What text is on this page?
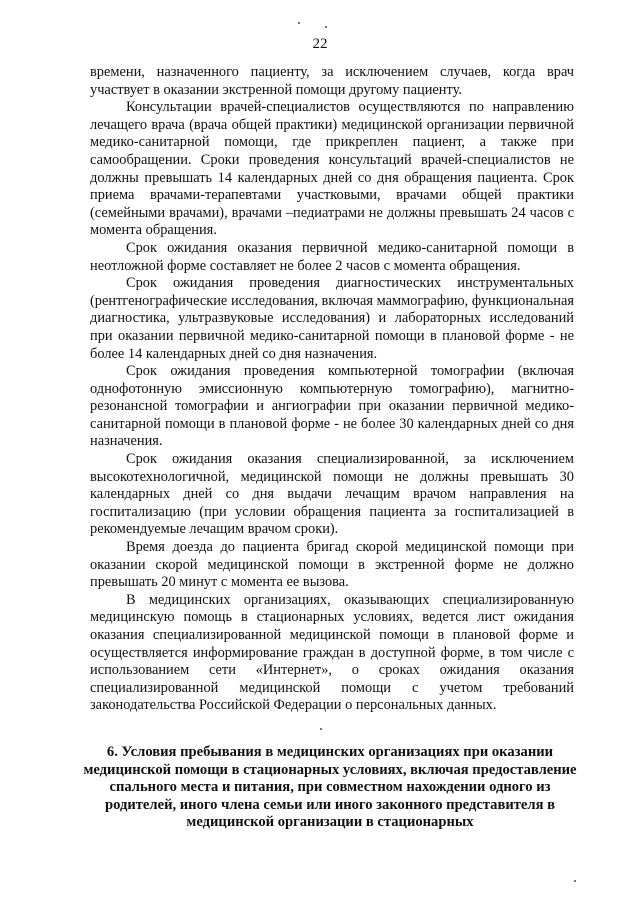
22

времени, назначенного пациенту, за исключением случаев, когда врач участвует в оказании экстренной помощи другому пациенту.

Консультации врачей-специалистов осуществляются по направлению лечащего врача (врача общей практики) медицинской организации первичной медико-санитарной помощи, где прикреплен пациент, а также при самообращении. Сроки проведения консультаций врачей-специалистов не должны превышать 14 календарных дней со дня обращения пациента. Срок приема врачами-терапевтами участковыми, врачами общей практики (семейными врачами), врачами –педиатрами не должны превышать 24 часов с момента обращения.

Срок ожидания оказания первичной медико-санитарной помощи в неотложной форме составляет не более 2 часов с момента обращения.

Срок ожидания проведения диагностических инструментальных (рентгенографические исследования, включая маммографию, функциональная диагностика, ультразвуковые исследования) и лабораторных исследований при оказании первичной медико-санитарной помощи в плановой форме - не более 14 календарных дней со дня назначения.

Срок ожидания проведения компьютерной томографии (включая однофотонную эмиссионную компьютерную томографию), магнитно-резонансной томографии и ангиографии при оказании первичной медико-санитарной помощи в плановой форме - не более 30 календарных дней со дня назначения.

Срок ожидания оказания специализированной, за исключением высокотехнологичной, медицинской помощи не должны превышать 30 календарных дней со дня выдачи лечащим врачом направления на госпитализацию (при условии обращения пациента за госпитализацией в рекомендуемые лечащим врачом сроки).

Время доезда до пациента бригад скорой медицинской помощи при оказании скорой медицинской помощи в экстренной форме не должно превышать 20 минут с момента ее вызова.

В медицинских организациях, оказывающих специализированную медицинскую помощь в стационарных условиях, ведется лист ожидания оказания специализированной медицинской помощи в плановой форме и осуществляется информирование граждан в доступной форме, в том числе с использованием сети «Интернет», о сроках ожидания оказания специализированной медицинской помощи с учетом требований законодательства Российской Федерации о персональных данных.

6. Условия пребывания в медицинских организациях при оказании медицинской помощи в стационарных условиях, включая предоставление спального места и питания, при совместном нахождении одного из родителей, иного члена семьи или иного законного представителя в медицинской организации в стационарных
